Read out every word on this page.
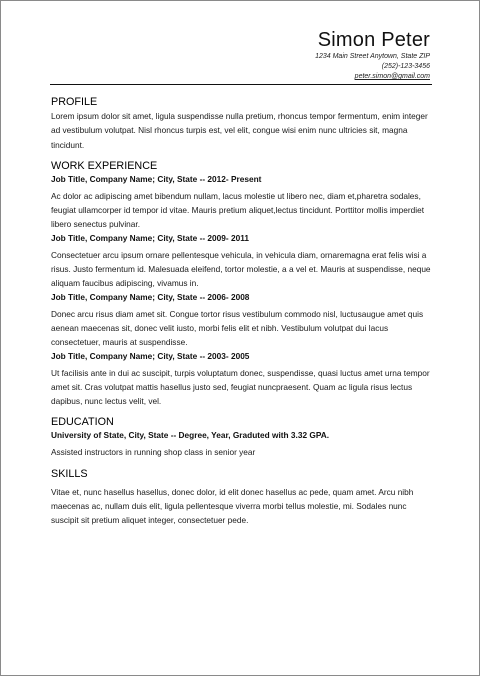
Simon Peter
1234 Main Street Anytown, State ZIP
(252)-123-3456
peter.simon@gmail.com
PROFILE

Lorem ipsum dolor sit amet, ligula suspendisse nulla pretium, rhoncus tempor fermentum, enim integer ad vestibulum volutpat. Nisl rhoncus turpis est, vel elit, congue wisi enim nunc ultricies sit, magna tincidunt.

WORK EXPERIENCE
Job Title, Company Name; City, State -- 2012- Present

Ac dolor ac adipiscing amet bibendum nullam, lacus molestie ut libero nec, diam et,pharetra sodales, feugiat ullamcorper id tempor id vitae. Mauris pretium aliquet,lectus tincidunt. Porttitor mollis imperdiet libero senectus pulvinar.

Job Title, Company Name; City, State -- 2009- 2011

Consectetuer arcu ipsum ornare pellentesque vehicula, in vehicula diam, ornaremagna erat felis wisi a risus. Justo fermentum id. Malesuada eleifend, tortor molestie, a a vel et. Mauris at suspendisse, neque aliquam faucibus adipiscing, vivamus in.

Job Title, Company Name; City, State -- 2006- 2008

Donec arcu risus diam amet sit. Congue tortor risus vestibulum commodo nisl, luctusaugue amet quis aenean maecenas sit, donec velit iusto, morbi felis elit et nibh. Vestibulum volutpat dui lacus consectetuer, mauris at suspendisse.

Job Title, Company Name; City, State -- 2003- 2005

Ut facilisis ante in dui ac suscipit, turpis voluptatum donec, suspendisse, quasi luctus amet urna tempor amet sit. Cras volutpat mattis hasellus justo sed, feugiat nuncpraesent. Quam ac ligula risus lectus dapibus, nunc lectus velit, vel.

EDUCATION
University of State, City, State -- Degree, Year, Graduted with 3.32 GPA.

Assisted instructors in running shop class in senior year

SKILLS

Vitae et, nunc hasellus hasellus, donec dolor, id elit donec hasellus ac pede, quam amet. Arcu nibh maecenas ac, nullam duis elit, ligula pellentesque viverra morbi tellus molestie, mi. Sodales nunc suscipit sit pretium aliquet integer, consectetuer pede.
